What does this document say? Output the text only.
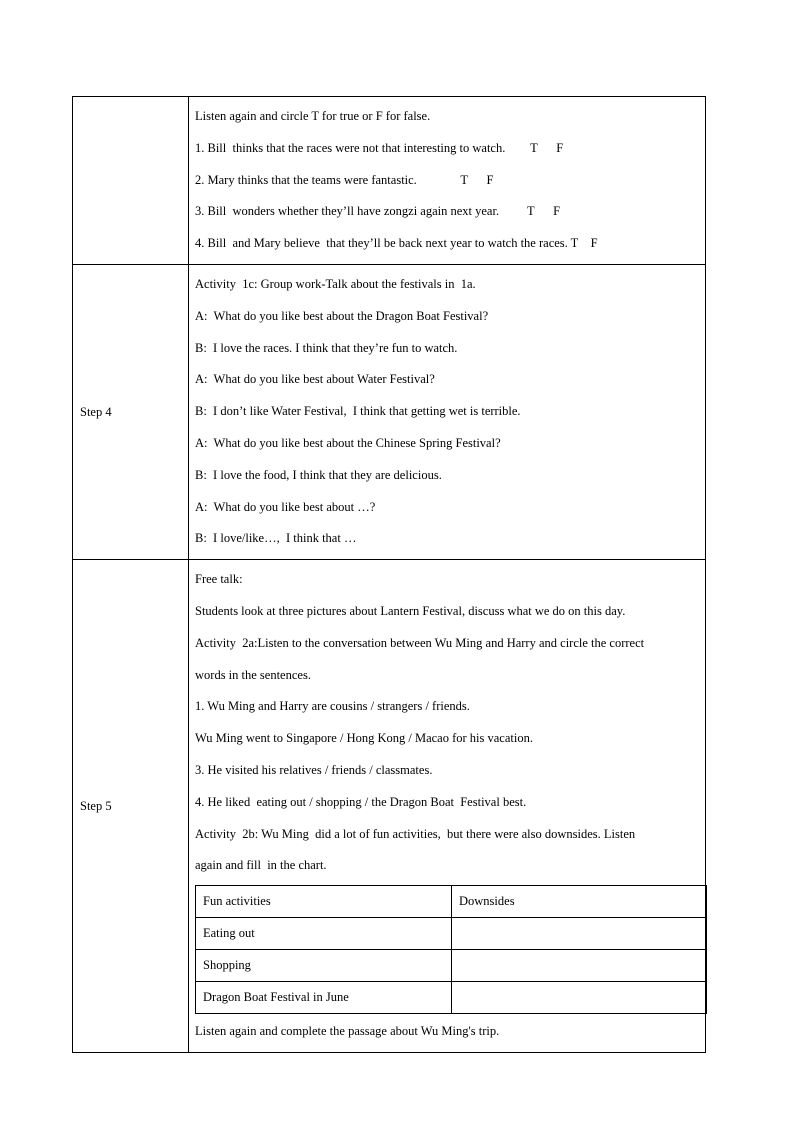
Listen again and circle T for true or F for false.
1. Bill  thinks that the races were not that interesting to watch.        T      F
2. Mary thinks that the teams were fantastic.              T      F
3. Bill  wonders whether they’ll have zongzi again next year.         T      F
4. Bill  and Mary believe  that they’ll be back next year to watch the races. T    F

Step 4	
Activity  1c: Group work-Talk about the festivals in  1a.
A:  What do you like best about the Dragon Boat Festival?
B:  I love the races. I think that they’re fun to watch.
A:  What do you like best about Water Festival?
B:  I don’t like Water Festival,  I think that getting wet is terrible.
A:  What do you like best about the Chinese Spring Festival?
B:  I love the food, I think that they are delicious.
A:  What do you like best about …?
B:  I love/like…,  I think that …

Step 5	
Free talk:
Students look at three pictures about Lantern Festival, discuss what we do on this day.
Activity  2a:Listen to the conversation between Wu Ming and Harry and circle the correct
words in the sentences.
1. Wu Ming and Harry are cousins / strangers / friends.
Wu Ming went to Singapore / Hong Kong / Macao for his vacation.
3. He visited his relatives / friends / classmates.
4. He liked  eating out / shopping / the Dragon Boat  Festival best.
Activity  2b: Wu Ming  did a lot of fun activities,  but there were also downsides. Listen
again and fill  in the chart.
Fun activities	Downsides
Eating out	
Shopping	
Dragon Boat Festival in June	
Listen again and complete the passage about Wu Ming's trip.
